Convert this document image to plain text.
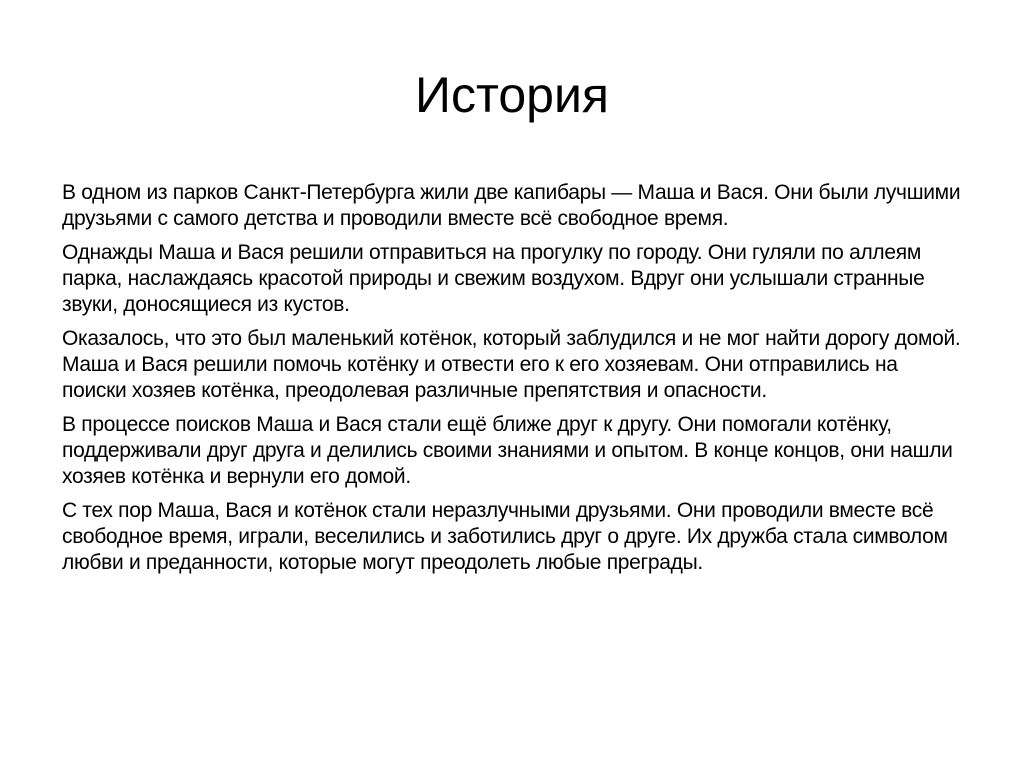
История

В одном из парков Санкт-Петербурга жили две капибары — Маша и Вася. Они были лучшими друзьями с самого детства и проводили вместе всё свободное время.

Однажды Маша и Вася решили отправиться на прогулку по городу. Они гуляли по аллеям парка, наслаждаясь красотой природы и свежим воздухом. Вдруг они услышали странные звуки, доносящиеся из кустов.

Оказалось, что это был маленький котёнок, который заблудился и не мог найти дорогу домой. Маша и Вася решили помочь котёнку и отвести его к его хозяевам. Они отправились на поиски хозяев котёнка, преодолевая различные препятствия и опасности.

В процессе поисков Маша и Вася стали ещё ближе друг к другу. Они помогали котёнку, поддерживали друг друга и делились своими знаниями и опытом. В конце концов, они нашли хозяев котёнка и вернули его домой.

С тех пор Маша, Вася и котёнок стали неразлучными друзьями. Они проводили вместе всё свободное время, играли, веселились и заботились друг о друге. Их дружба стала символом любви и преданности, которые могут преодолеть любые преграды.
